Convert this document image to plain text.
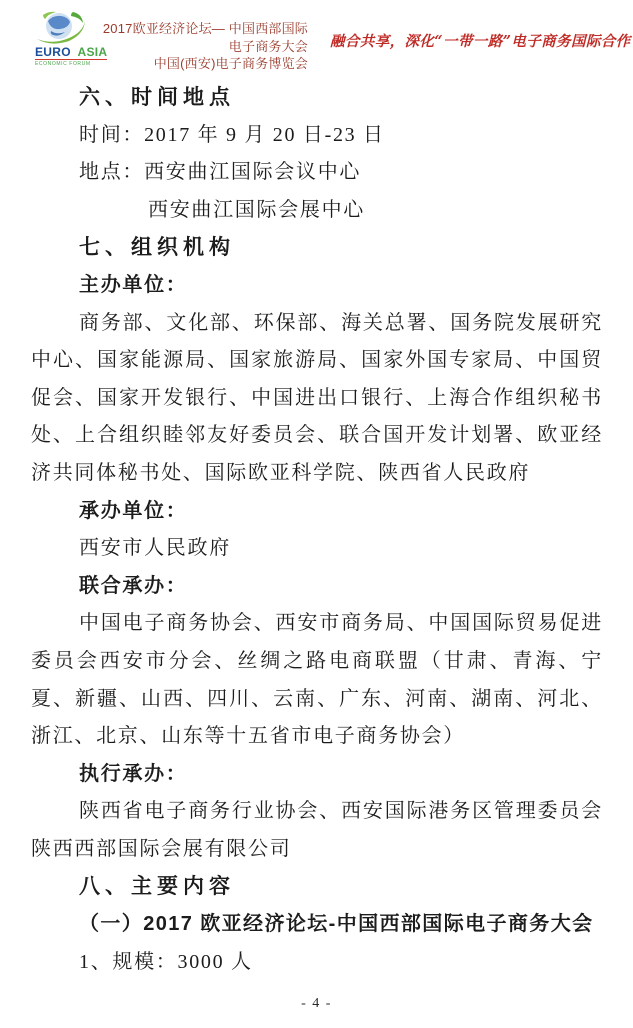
EURO ASIA
ECONOMIC FORUM
2017欧亚经济论坛— 中国西部国际电子商务大会
中国(西安)电子商务博览会
融合共享，深化“一带一路”电子商务国际合作
六、时间地点
时间：2017 年 9 月 20 日-23 日
地点：西安曲江国际会议中心
西安曲江国际会展中心
七、组织机构
主办单位：
商务部、文化部、环保部、海关总署、国务院发展研究中心、国家能源局、国家旅游局、国家外国专家局、中国贸促会、国家开发银行、中国进出口银行、上海合作组织秘书处、上合组织睦邻友好委员会、联合国开发计划署、欧亚经济共同体秘书处、国际欧亚科学院、陕西省人民政府
承办单位：
西安市人民政府
联合承办：
中国电子商务协会、西安市商务局、中国国际贸易促进委员会西安市分会、丝绸之路电商联盟（甘肃、青海、宁夏、新疆、山西、四川、云南、广东、河南、湖南、河北、浙江、北京、山东等十五省市电子商务协会）
执行承办：
陕西省电子商务行业协会、西安国际港务区管理委员会陕西西部国际会展有限公司
八、主要内容
（一）2017 欧亚经济论坛-中国西部国际电子商务大会
1、规模：3000 人
- 4 -
